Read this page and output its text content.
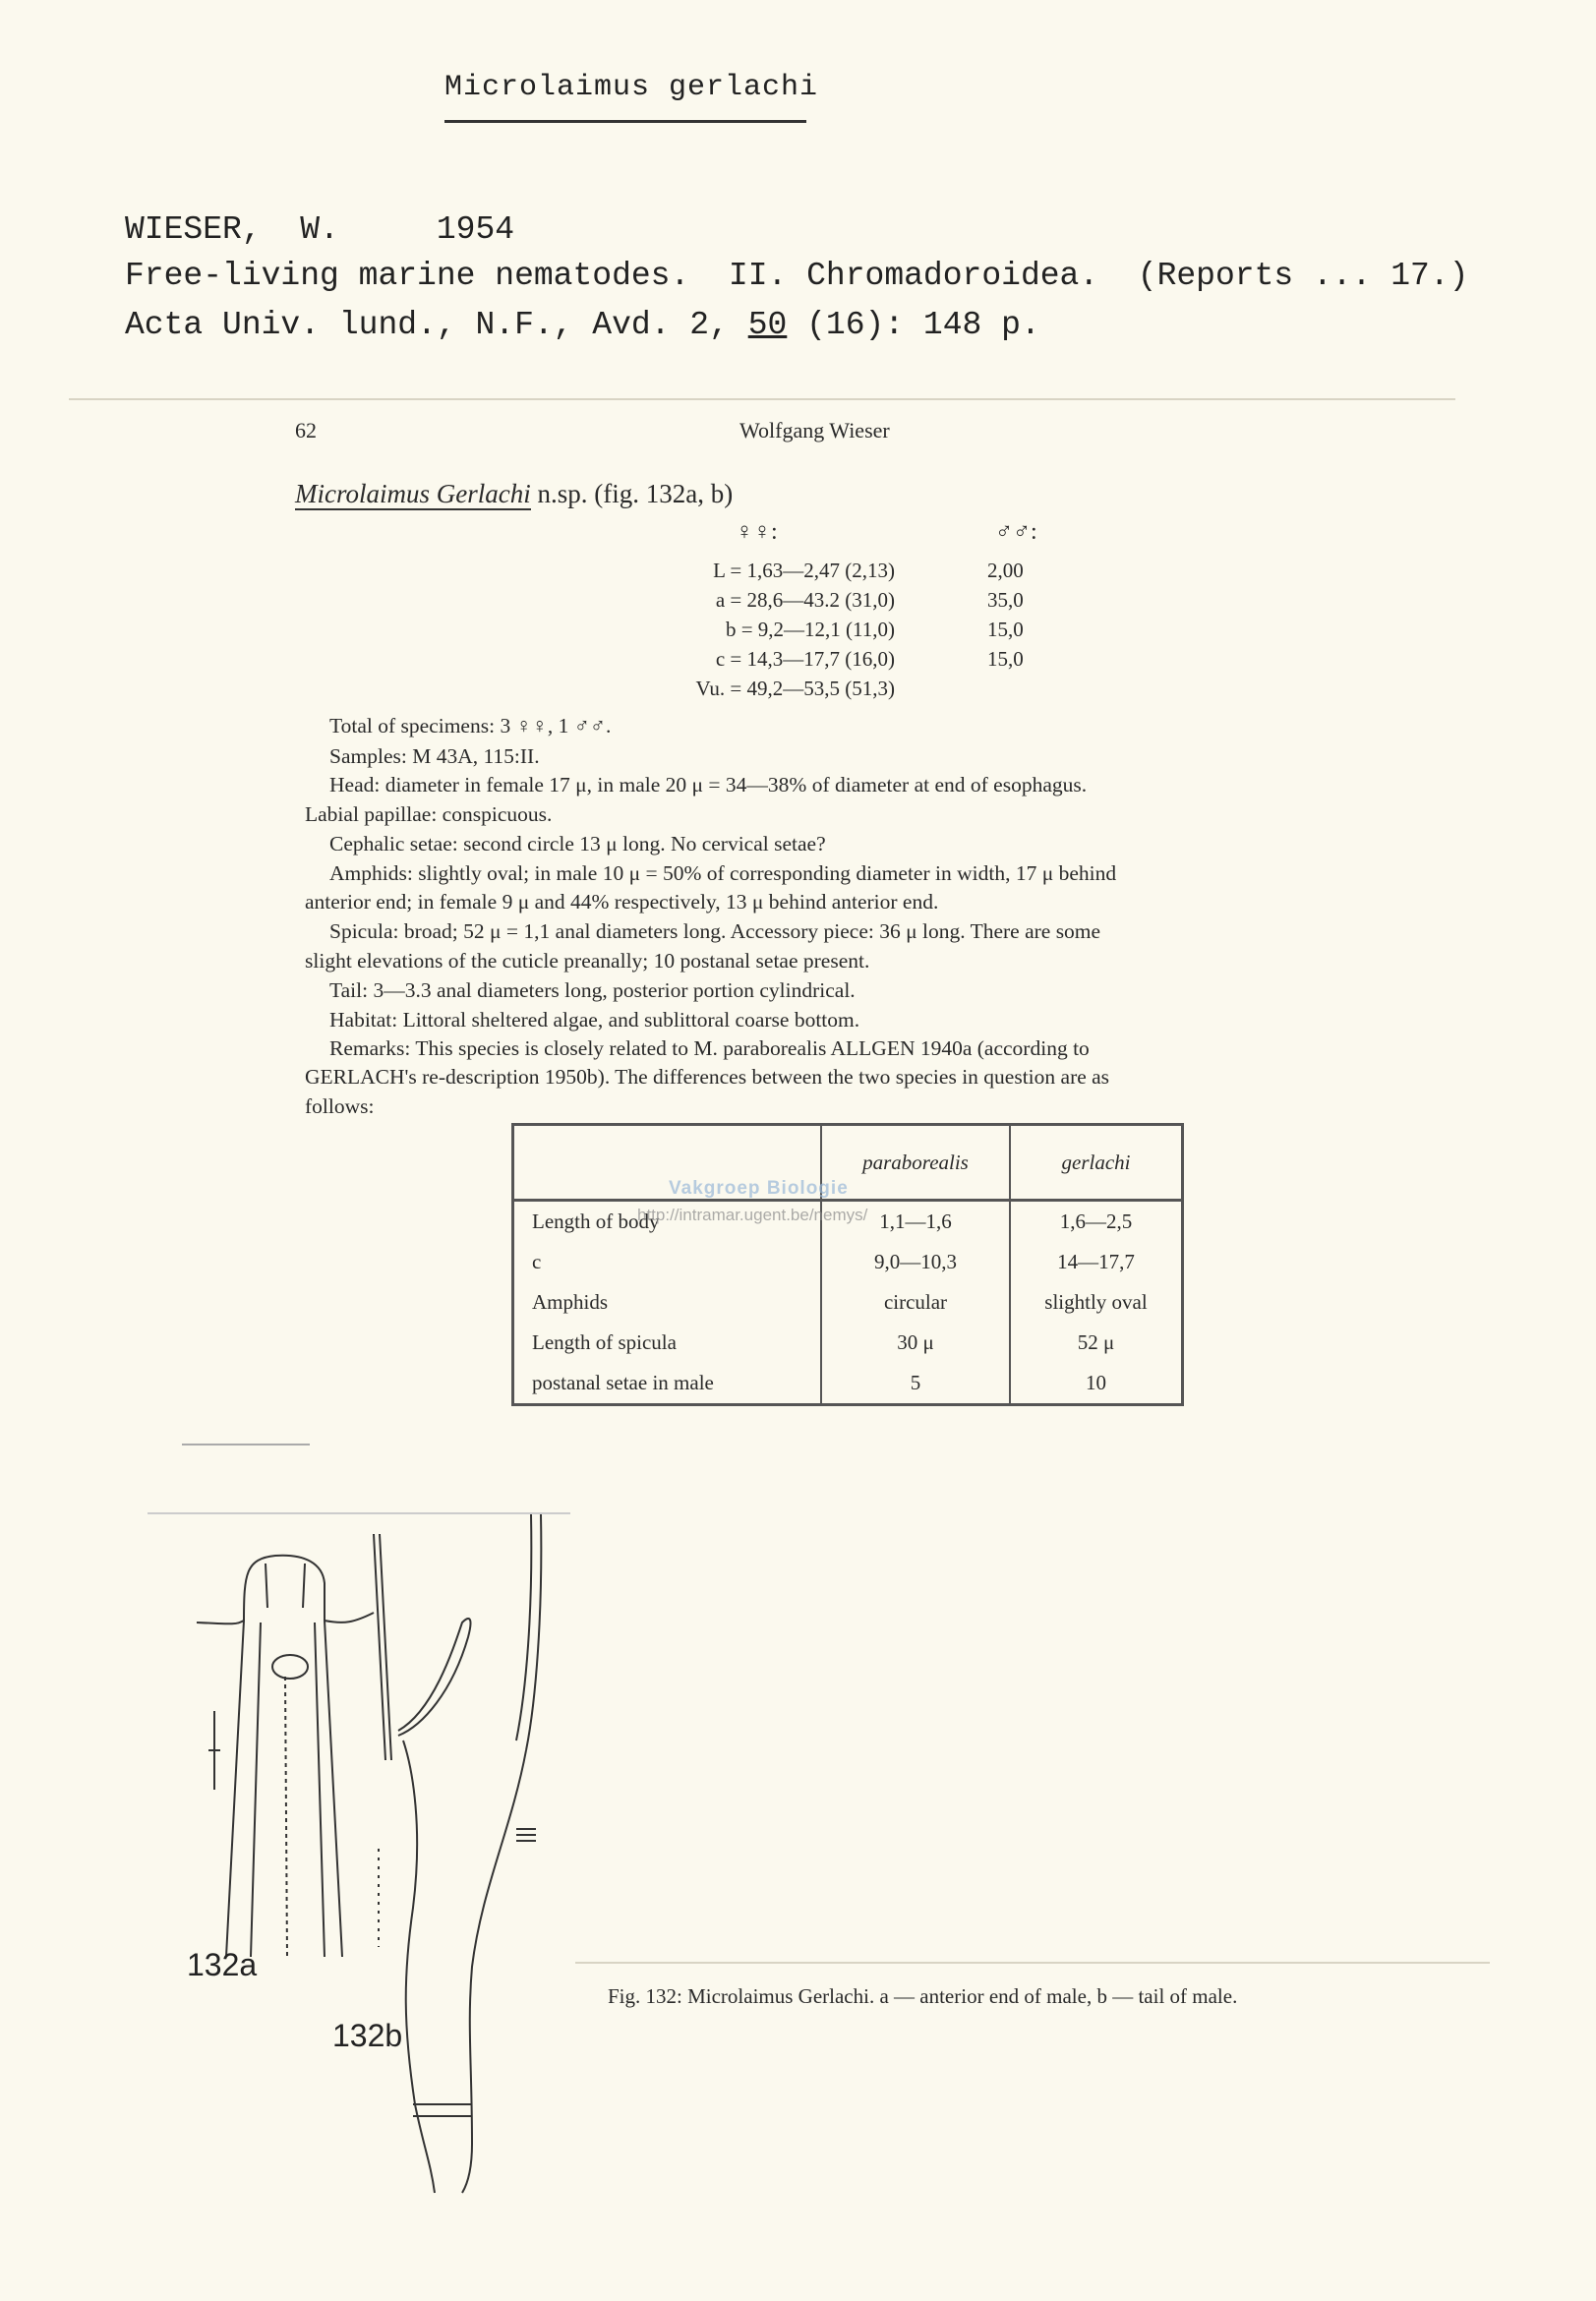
Microlaimus gerlachi
WIESER,  W.     1954
Free-living marine nematodes.  II. Chromadoroidea.  (Reports ... 17.)
Acta Univ. lund., N.F., Avd. 2, 50 (16): 148 p.
62	Wolfgang Wieser
Microlaimus Gerlachi n.sp. (fig. 132a, b)
♀♀:	♂♂:
L = 1,63—2,47 (2,13)	2,00
a = 28,6—43.2 (31,0)	35,0
b = 9,2—12,1 (11,0)	15,0
c = 14,3—17,7 (16,0)	15,0
Vu. = 49,2—53,5 (51,3)
Total of specimens: 3 ♀♀, 1 ♂♂.
Samples: M 43A, 115:II.
Head: diameter in female 17 μ, in male 20 μ = 34—38% of diameter at end of esophagus.
Labial papillae: conspicuous.
Cephalic setae: second circle 13 μ long. No cervical setae?
Amphids: slightly oval; in male 10 μ = 50% of corresponding diameter in width, 17 μ behind
anterior end; in female 9 μ and 44% respectively, 13 μ behind anterior end.
Spicula: broad; 52 μ = 1,1 anal diameters long. Accessory piece: 36 μ long. There are some
slight elevations of the cuticle preanally; 10 postanal setae present.
Tail: 3—3.3 anal diameters long, posterior portion cylindrical.
Habitat: Littoral sheltered algae, and sublittoral coarse bottom.
Remarks: This species is closely related to M. paraborealis ALLGEN 1940a (according to
GERLACH's re-description 1950b). The differences between the two species in question are as
follows:
	paraborealis	gerlachi
Length of body	1,1—1,6	1,6—2,5
c	9,0—10,3	14—17,7
Amphids	circular	slightly oval
Length of spicula	30 μ	52 μ
postanal setae in male	5	10
Vakgroep Biologie
http://intramar.ugent.be/nemys/
132a
132b
Fig. 132: Microlaimus Gerlachi. a — anterior end of male, b — tail of male.
